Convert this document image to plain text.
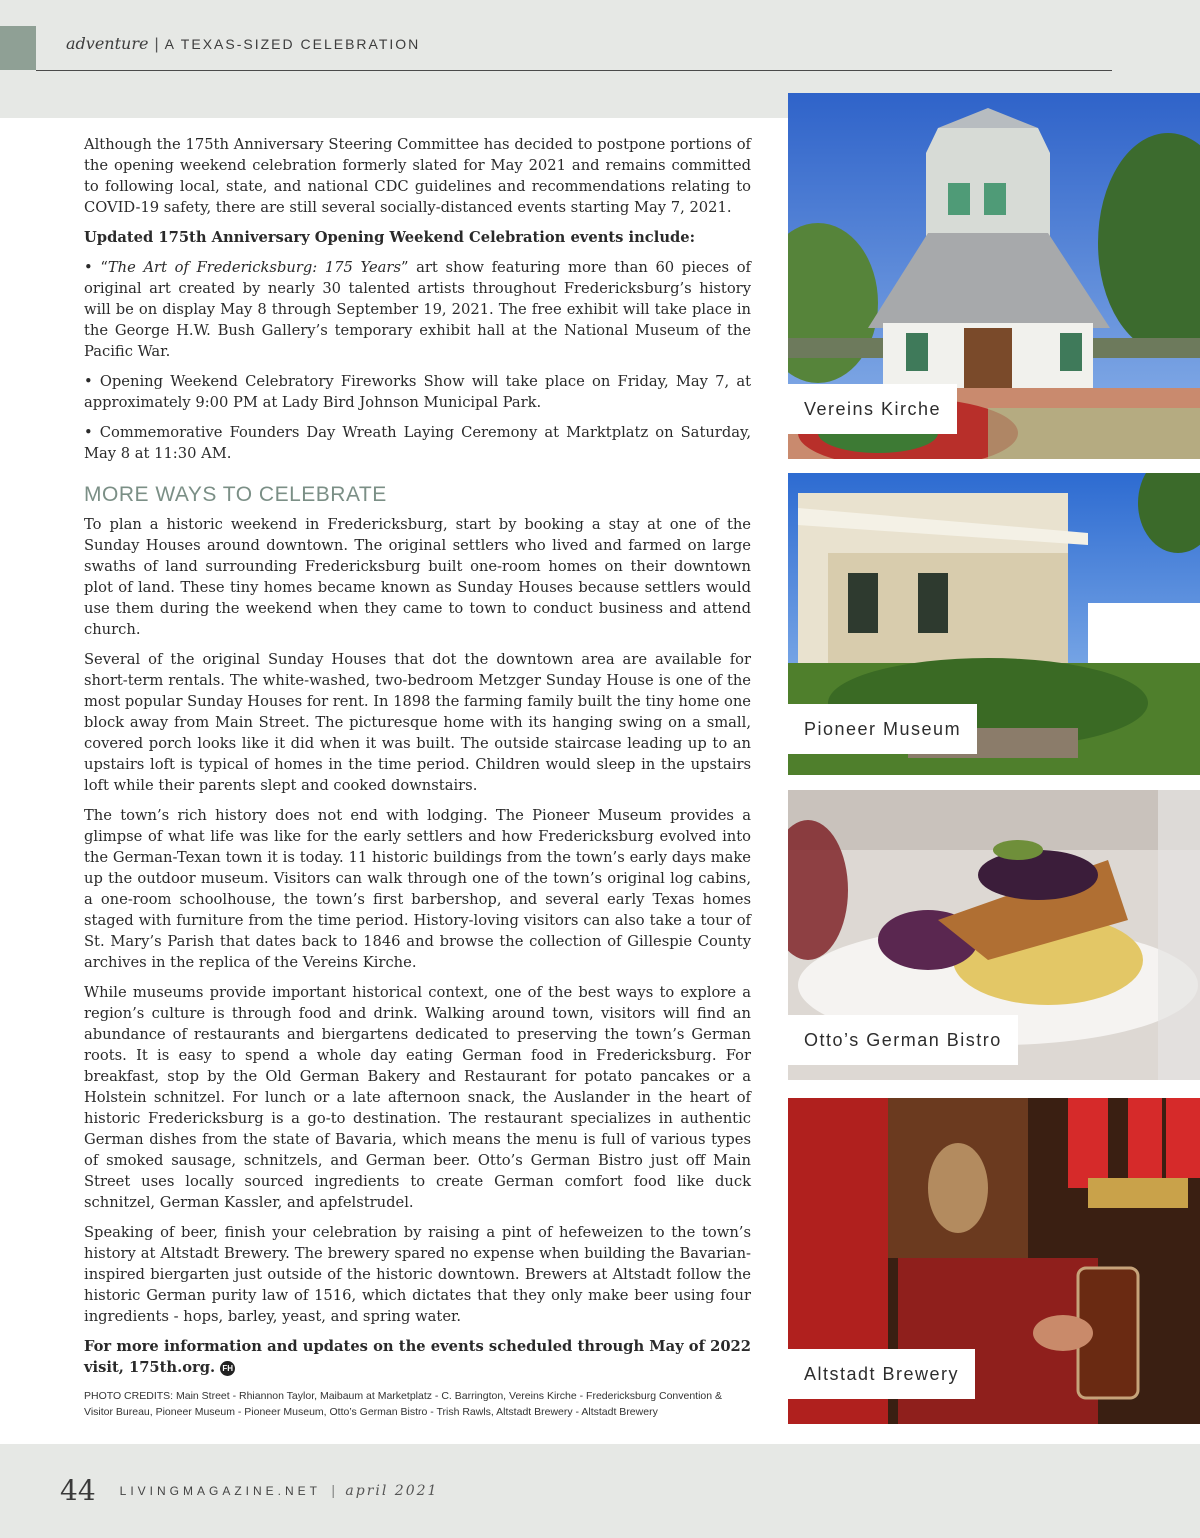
adventure | A TEXAS-SIZED CELEBRATION

Although the 175th Anniversary Steering Committee has decided to postpone portions of the opening weekend celebration formerly slated for May 2021 and remains committed to following local, state, and national CDC guidelines and recommendations relating to COVID-19 safety, there are still several socially-distanced events starting May 7, 2021.

Updated 175th Anniversary Opening Weekend Celebration events include:

• “The Art of Fredericksburg: 175 Years” art show featuring more than 60 pieces of original art created by nearly 30 talented artists throughout Fredericksburg’s history will be on display May 8 through September 19, 2021. The free exhibit will take place in the George H.W. Bush Gallery’s temporary exhibit hall at the National Museum of the Pacific War.

• Opening Weekend Celebratory Fireworks Show will take place on Friday, May 7, at approximately 9:00 PM at Lady Bird Johnson Municipal Park.

• Commemorative Founders Day Wreath Laying Ceremony at Marktplatz on Saturday, May 8 at 11:30 AM.

MORE WAYS TO CELEBRATE

To plan a historic weekend in Fredericksburg, start by booking a stay at one of the Sunday Houses around downtown. The original settlers who lived and farmed on large swaths of land surrounding Fredericksburg built one-room homes on their downtown plot of land. These tiny homes became known as Sunday Houses because settlers would use them during the weekend when they came to town to conduct business and attend church.

Several of the original Sunday Houses that dot the downtown area are available for short-term rentals. The white-washed, two-bedroom Metzger Sunday House is one of the most popular Sunday Houses for rent. In 1898 the farming family built the tiny home one block away from Main Street. The picturesque home with its hanging swing on a small, covered porch looks like it did when it was built. The outside staircase leading up to an upstairs loft is typical of homes in the time period. Children would sleep in the upstairs loft while their parents slept and cooked downstairs.

The town’s rich history does not end with lodging. The Pioneer Museum provides a glimpse of what life was like for the early settlers and how Fredericksburg evolved into the German-Texan town it is today. 11 historic buildings from the town’s early days make up the outdoor museum. Visitors can walk through one of the town’s original log cabins, a one-room schoolhouse, the town’s first barbershop, and several early Texas homes staged with furniture from the time period. History-loving visitors can also take a tour of St. Mary’s Parish that dates back to 1846 and browse the collection of Gillespie County archives in the replica of the Vereins Kirche.

While museums provide important historical context, one of the best ways to explore a region’s culture is through food and drink. Walking around town, visitors will find an abundance of restaurants and biergartens dedicated to preserving the town’s German roots. It is easy to spend a whole day eating German food in Fredericksburg. For breakfast, stop by the Old German Bakery and Restaurant for potato pancakes or a Holstein schnitzel. For lunch or a late afternoon snack, the Auslander in the heart of historic Fredericksburg is a go-to destination. The restaurant specializes in authentic German dishes from the state of Bavaria, which means the menu is full of various types of smoked sausage, schnitzels, and German beer. Otto’s German Bistro just off Main Street uses locally sourced ingredients to create German comfort food like duck schnitzel, German Kassler, and apfelstrudel.

Speaking of beer, finish your celebration by raising a pint of hefeweizen to the town’s history at Altstadt Brewery. The brewery spared no expense when building the Bavarian-inspired biergarten just outside of the historic downtown. Brewers at Altstadt follow the historic German purity law of 1516, which dictates that they only make beer using four ingredients - hops, barley, yeast, and spring water.

For more information and updates on the events scheduled through May of 2022 visit, 175th.org. FH

PHOTO CREDITS: Main Street - Rhiannon Taylor, Maibaum at Marketplatz - C. Barrington, Vereins Kirche - Fredericksburg Convention & Visitor Bureau, Pioneer Museum - Pioneer Museum, Otto’s German Bistro - Trish Rawls, Altstadt Brewery - Altstadt Brewery
Vereins Kirche
Pioneer Museum
Otto’s German Bistro
Altstadt Brewery
44 $^{LIVINGMAGAZINE.NET}$ | april 2021
